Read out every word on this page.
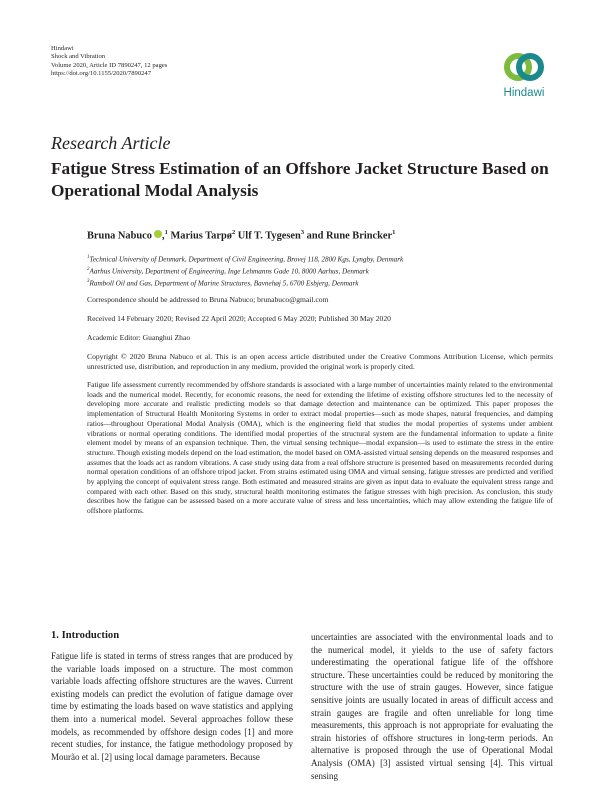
Hindawi
Shock and Vibration
Volume 2020, Article ID 7890247, 12 pages
https://doi.org/10.1155/2020/7890247
Hindawi
Research Article
Fatigue Stress Estimation of an Offshore Jacket Structure Based on Operational Modal Analysis
Bruna Nabuco ,$^1$ Marius Tarpø$^2$ Ulf T. Tygesen$^3$ and Rune Brincker$^1$
$^1$Technical University of Denmark, Department of Civil Engineering, Brovej 118, 2800 Kgs, Lyngby, Denmark
$^2$Aarhus University, Department of Engineering, Inge Lehmanns Gade 10, 8000 Aarhus, Denmark
$^3$Ramboll Oil and Gas, Department of Marine Structures, Bavnehøj 5, 6700 Esbjerg, Denmark
Correspondence should be addressed to Bruna Nabuco; brunabuco@gmail.com
Received 14 February 2020; Revised 22 April 2020; Accepted 6 May 2020; Published 30 May 2020
Academic Editor: Guanghui Zhao
Copyright © 2020 Bruna Nabuco et al. This is an open access article distributed under the Creative Commons Attribution License, which permits unrestricted use, distribution, and reproduction in any medium, provided the original work is properly cited.
Fatigue life assessment currently recommended by offshore standards is associated with a large number of uncertainties mainly related to the environmental loads and the numerical model. Recently, for economic reasons, the need for extending the lifetime of existing offshore structures led to the necessity of developing more accurate and realistic predicting models so that damage detection and maintenance can be optimized. This paper proposes the implementation of Structural Health Monitoring Systems in order to extract modal properties—such as mode shapes, natural frequencies, and damping ratios—throughout Operational Modal Analysis (OMA), which is the engineering field that studies the modal properties of systems under ambient vibrations or normal operating conditions. The identified modal properties of the structural system are the fundamental information to update a finite element model by means of an expansion technique. Then, the virtual sensing technique—modal expansion—is used to estimate the stress in the entire structure. Though existing models depend on the load estimation, the model based on OMA-assisted virtual sensing depends on the measured responses and assumes that the loads act as random vibrations. A case study using data from a real offshore structure is presented based on measurements recorded during normal operation conditions of an offshore tripod jacket. From strains estimated using OMA and virtual sensing, fatigue stresses are predicted and verified by applying the concept of equivalent stress range. Both estimated and measured strains are given as input data to evaluate the equivalent stress range and compared with each other. Based on this study, structural health monitoring estimates the fatigue stresses with high precision. As conclusion, this study describes how the fatigue can be assessed based on a more accurate value of stress and less uncertainties, which may allow extending the fatigue life of offshore platforms.
1. Introduction
Fatigue life is stated in terms of stress ranges that are produced by the variable loads imposed on a structure. The most common variable loads affecting offshore structures are the waves. Current existing models can predict the evolution of fatigue damage over time by estimating the loads based on wave statistics and applying them into a numerical model. Several approaches follow these models, as recommended by offshore design codes [1] and more recent studies, for instance, the fatigue methodology proposed by Mourão et al. [2] using local damage parameters. Because
uncertainties are associated with the environmental loads and to the numerical model, it yields to the use of safety factors underestimating the operational fatigue life of the offshore structure. These uncertainties could be reduced by monitoring the structure with the use of strain gauges. However, since fatigue sensitive joints are usually located in areas of difficult access and strain gauges are fragile and often unreliable for long time measurements, this approach is not appropriate for evaluating the strain histories of offshore structures in long-term periods. An alternative is proposed through the use of Operational Modal Analysis (OMA) [3] assisted virtual sensing [4]. This virtual sensing
